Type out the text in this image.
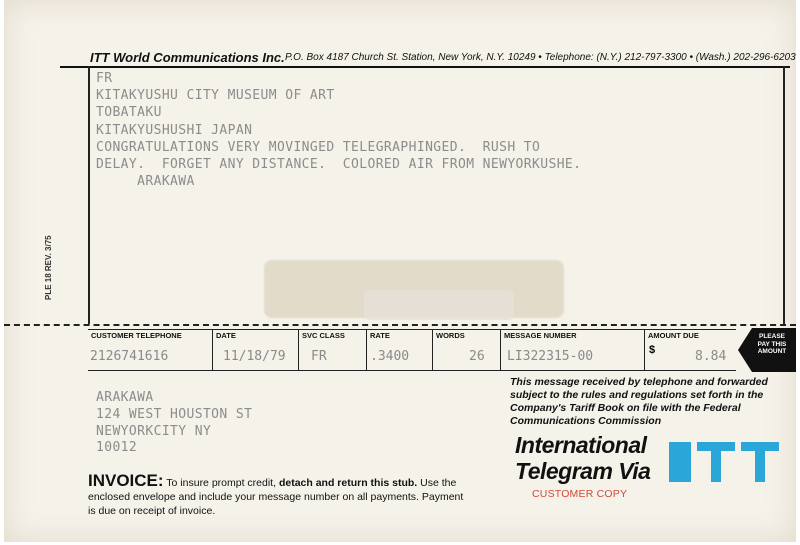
ITT World Communications Inc. P.O. Box 4187 Church St. Station, New York, N.Y. 10249 • Telephone: (N.Y.) 212-797-3300 • (Wash.) 202-296-6203
FR
KITAKYUSHU CITY MUSEUM OF ART
TOBATAKU
KITAKYUSHUSHI JAPAN
CONGRATULATIONS VERY MOVINGED TELEGRAPHINGED.  RUSH TO
DELAY.  FORGET ANY DISTANCE.  COLORED AIR FROM NEWYORKUSHE.
ARAKAWA
PLE 18 REV. 3/75
CUSTOMER TELEPHONE
2126741616
DATE
11/18/79
SVC CLASS
FR
RATE
.3400
WORDS
26
MESSAGE NUMBER
LI322315-00
AMOUNT DUE
$	8.84
PLEASE PAY THIS AMOUNT
ARAKAWA
124 WEST HOUSTON ST
NEWYORKCITY NY
10012
This message received by telephone and forwarded subject to the rules and regulations set forth in the Company's Tariff Book on file with the Federal Communications Commission
International
Telegram Via
CUSTOMER COPY
INVOICE: To insure prompt credit, detach and return this stub. Use the enclosed envelope and include your message number on all payments. Payment is due on receipt of invoice.
